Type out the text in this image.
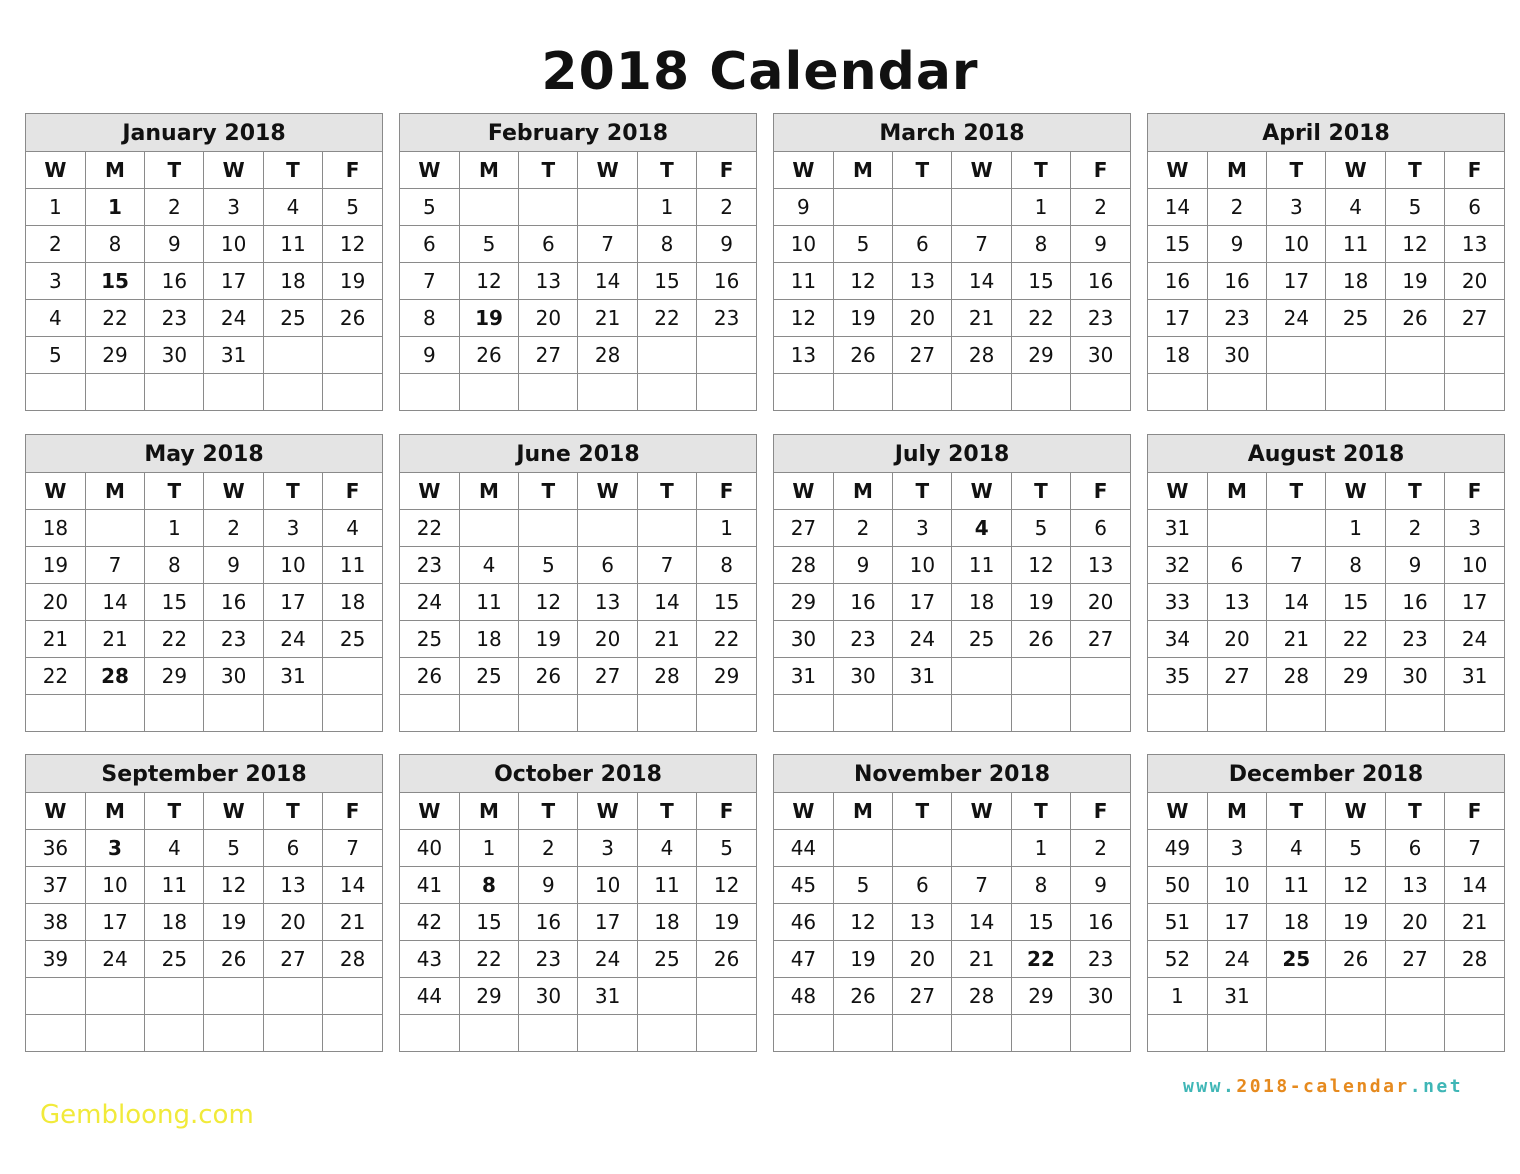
2018 Calendar
January 2018
W	M	T	W	T	F
1	1	2	3	4	5
2	8	9	10	11	12
3	15	16	17	18	19
4	22	23	24	25	26
5	29	30	31		

February 2018
W	M	T	W	T	F
5				1	2
6	5	6	7	8	9
7	12	13	14	15	16
8	19	20	21	22	23
9	26	27	28		

March 2018
W	M	T	W	T	F
9				1	2
10	5	6	7	8	9
11	12	13	14	15	16
12	19	20	21	22	23
13	26	27	28	29	30

April 2018
W	M	T	W	T	F
14	2	3	4	5	6
15	9	10	11	12	13
16	16	17	18	19	20
17	23	24	25	26	27
18	30				

May 2018
W	M	T	W	T	F
18		1	2	3	4
19	7	8	9	10	11
20	14	15	16	17	18
21	21	22	23	24	25
22	28	29	30	31	

June 2018
W	M	T	W	T	F
22					1
23	4	5	6	7	8
24	11	12	13	14	15
25	18	19	20	21	22
26	25	26	27	28	29

July 2018
W	M	T	W	T	F
27	2	3	4	5	6
28	9	10	11	12	13
29	16	17	18	19	20
30	23	24	25	26	27
31	30	31			

August 2018
W	M	T	W	T	F
31			1	2	3
32	6	7	8	9	10
33	13	14	15	16	17
34	20	21	22	23	24
35	27	28	29	30	31

September 2018
W	M	T	W	T	F
36	3	4	5	6	7
37	10	11	12	13	14
38	17	18	19	20	21
39	24	25	26	27	28

October 2018
W	M	T	W	T	F
40	1	2	3	4	5
41	8	9	10	11	12
42	15	16	17	18	19
43	22	23	24	25	26
44	29	30	31		

November 2018
W	M	T	W	T	F
44				1	2
45	5	6	7	8	9
46	12	13	14	15	16
47	19	20	21	22	23
48	26	27	28	29	30

December 2018
W	M	T	W	T	F
49	3	4	5	6	7
50	10	11	12	13	14
51	17	18	19	20	21
52	24	25	26	27	28
1	31				

www.2018-calendar.net
Gembloong.com
